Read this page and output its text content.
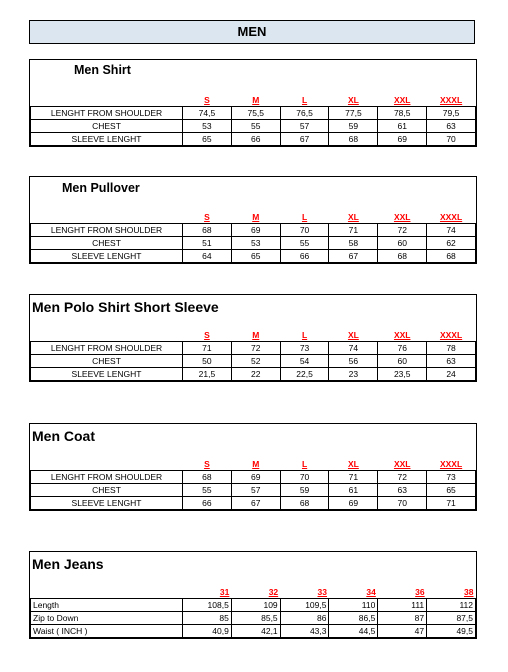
MEN
Men Shirt
	S	M	L	XL	XXL	XXXL
LENGHT FROM SHOULDER	74,5	75,5	76,5	77,5	78,5	79,5
CHEST	53	55	57	59	61	63
SLEEVE LENGHT	65	66	67	68	69	70
Men Pullover
	S	M	L	XL	XXL	XXXL
LENGHT FROM SHOULDER	68	69	70	71	72	74
CHEST	51	53	55	58	60	62
SLEEVE LENGHT	64	65	66	67	68	68
Men Polo Shirt Short Sleeve
	S	M	L	XL	XXL	XXXL
LENGHT FROM SHOULDER	71	72	73	74	76	78
CHEST	50	52	54	56	60	63
SLEEVE LENGHT	21,5	22	22,5	23	23,5	24
Men Coat
	S	M	L	XL	XXL	XXXL
LENGHT FROM SHOULDER	68	69	70	71	72	73
CHEST	55	57	59	61	63	65
SLEEVE LENGHT	66	67	68	69	70	71
Men Jeans
	31	32	33	34	36	38
Length	108,5	109	109,5	110	111	112
Zip to Down	85	85,5	86	86,5	87	87,5
Waist ( INCH )	40,9	42,1	43,3	44,5	47	49,5
